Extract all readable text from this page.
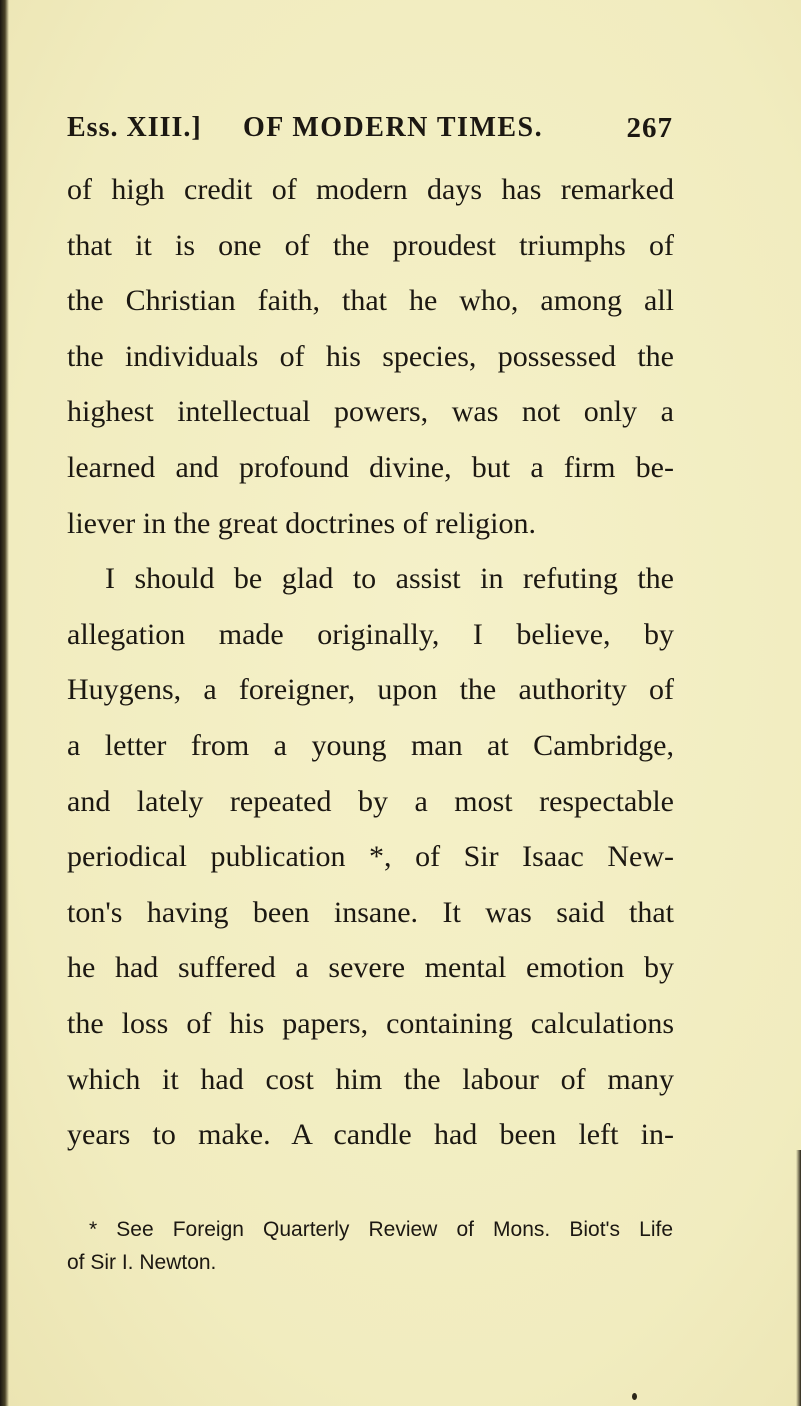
Ess. XIII.] OF MODERN TIMES.	267
of high credit of modern days has remarked
that it is one of the proudest triumphs of
the Christian faith, that he who, among all
the individuals of his species, possessed the
highest intellectual powers, was not only a
learned and profound divine, but a firm be-
liever in the great doctrines of religion.
I should be glad to assist in refuting the
allegation made originally, I believe, by
Huygens, a foreigner, upon the authority of
a letter from a young man at Cambridge,
and lately repeated by a most respectable
periodical publication *, of Sir Isaac New-
ton's having been insane. It was said that
he had suffered a severe mental emotion by
the loss of his papers, containing calculations
which it had cost him the labour of many
years to make. A candle had been left in-
* See Foreign Quarterly Review of Mons. Biot's Life
of Sir I. Newton.
